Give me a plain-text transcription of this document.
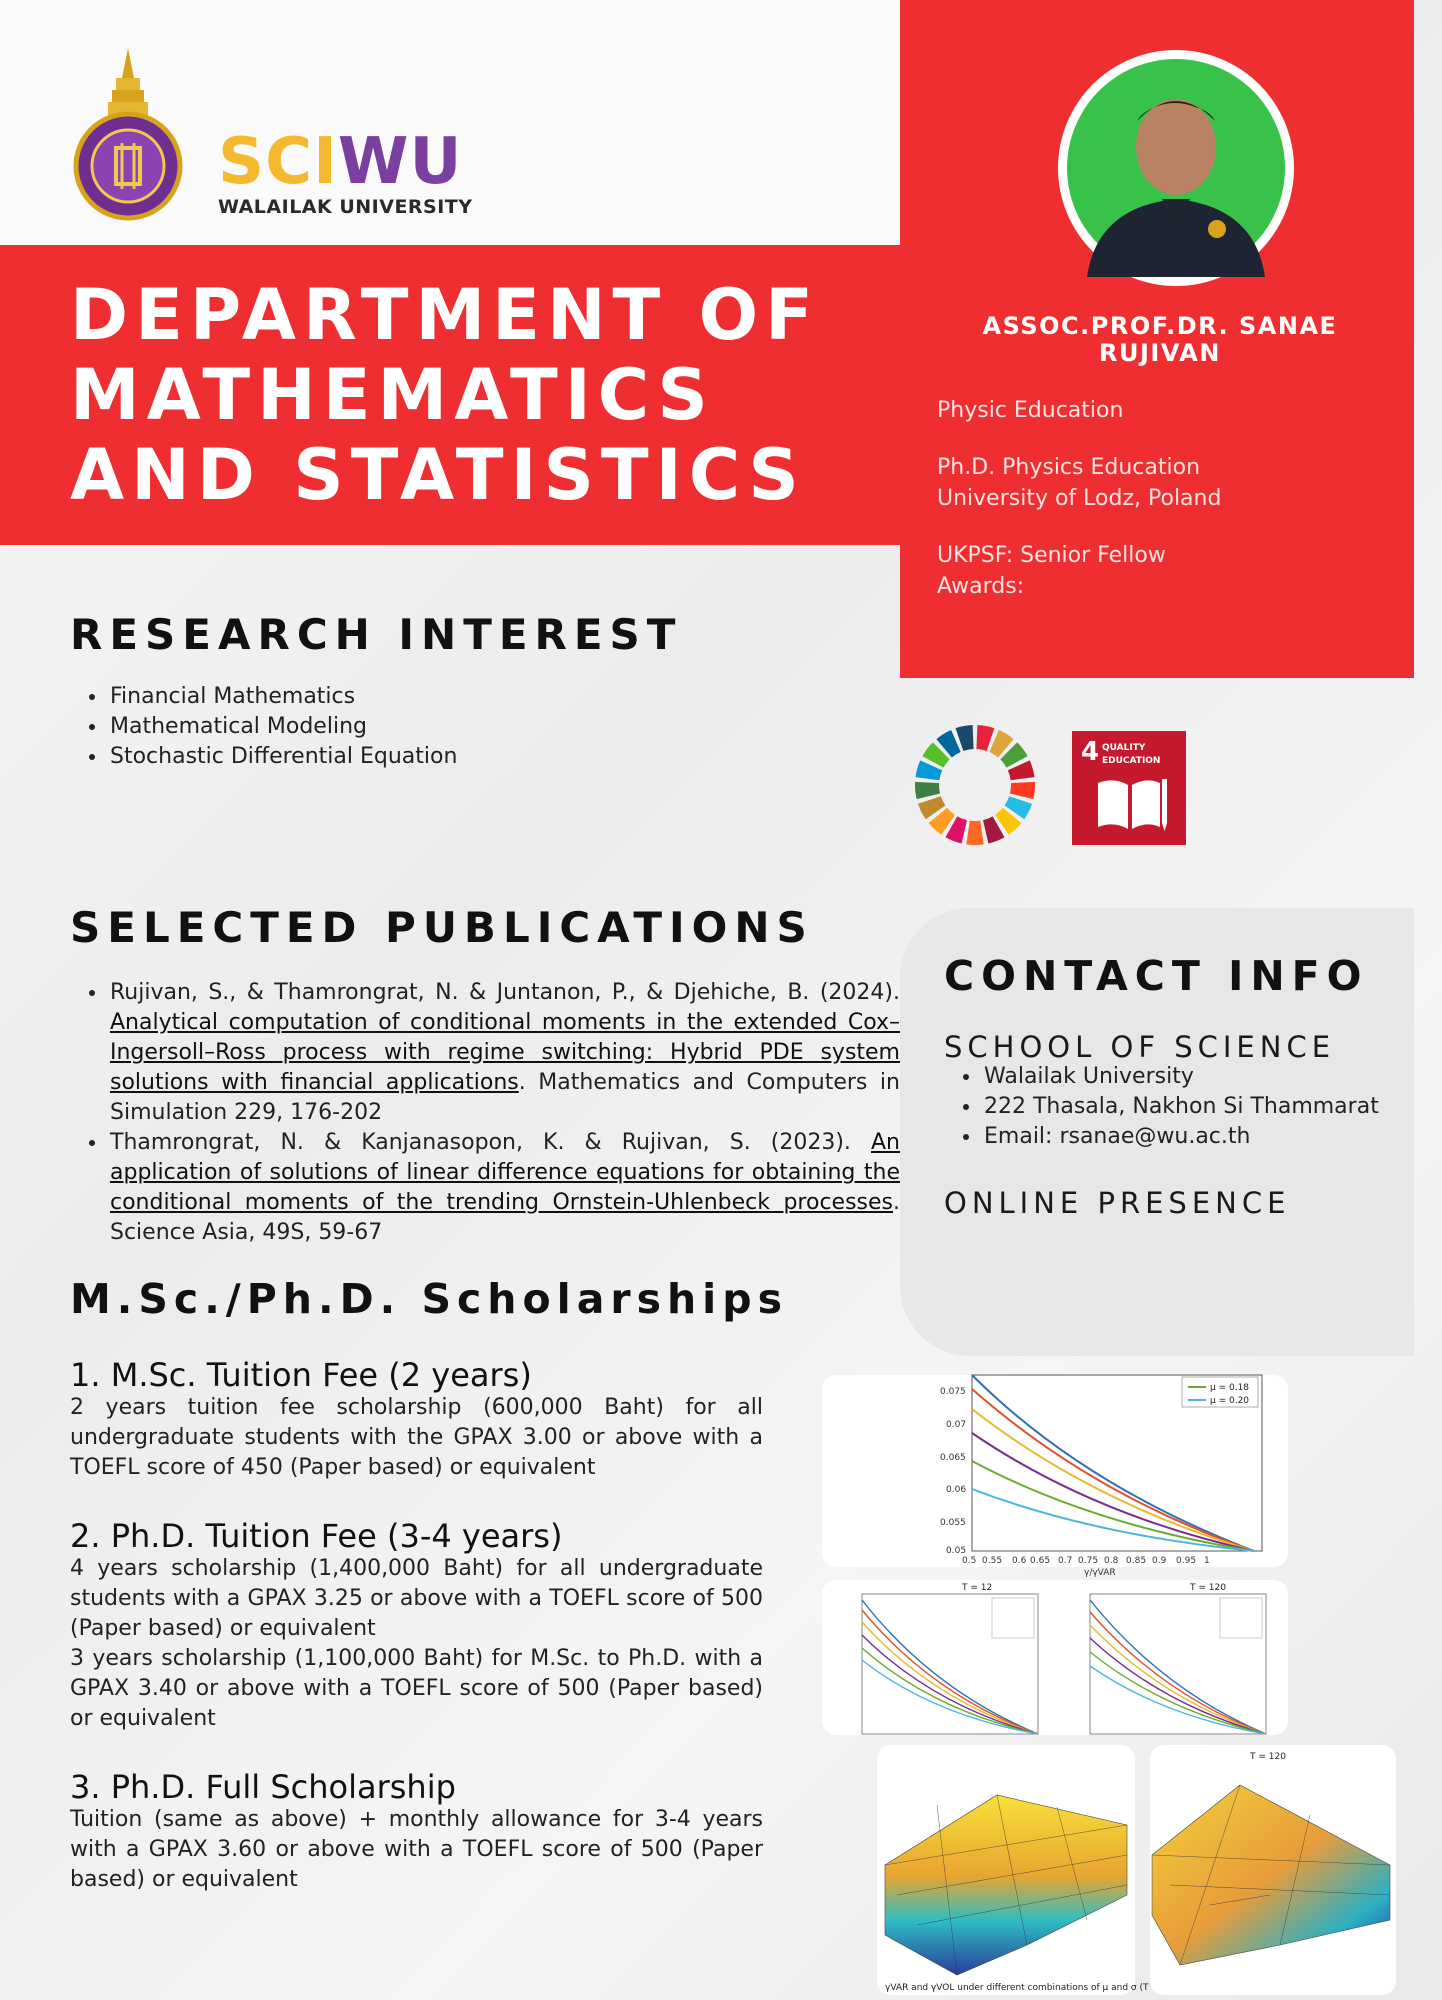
SCIWU
WALAILAK UNIVERSITY
DEPARTMENT OF
MATHEMATICS
AND STATISTICS
ASSOC.PROF.DR. SANAE RUJIVAN

Physic Education

Ph.D. Physics Education
University of Lodz, Poland

UKPSF: Senior Fellow
Awards:

4 QUALITY
EDUCATION
RESEARCH INTEREST
• Financial Mathematics
• Mathematical Modeling
• Stochastic Differential Equation
SELECTED PUBLICATIONS
• Rujivan, S., & Thamrongrat, N. & Juntanon, P., & Djehiche, B. (2024). Analytical computation of conditional moments in the extended Cox–Ingersoll–Ross process with regime switching: Hybrid PDE system solutions with financial applications. Mathematics and Computers in Simulation 229, 176-202
• Thamrongrat, N. & Kanjanasopon, K. & Rujivan, S. (2023). An application of solutions of linear difference equations for obtaining the conditional moments of the trending Ornstein-Uhlenbeck processes. Science Asia, 49S, 59-67
M.Sc./Ph.D. Scholarships
1. M.Sc. Tuition Fee (2 years)

2 years tuition fee scholarship (600,000 Baht) for all undergraduate students with the GPAX 3.00 or above with a TOEFL score of 450 (Paper based) or equivalent

2. Ph.D. Tuition Fee (3-4 years)

4 years scholarship (1,400,000 Baht) for all undergraduate students with a GPAX 3.25 or above with a TOEFL score of 500 (Paper based) or equivalent

3 years scholarship (1,100,000 Baht) for M.Sc. to Ph.D. with a GPAX 3.40 or above with a TOEFL score of 500 (Paper based) or equivalent

3. Ph.D. Full Scholarship

Tuition (same as above) + monthly allowance for 3-4 years with a GPAX 3.60 or above with a TOEFL score of 500 (Paper based) or equivalent

CONTACT INFO
SCHOOL OF SCIENCE
• Walailak University
• 222 Thasala, Nakhon Si Thammarat
• Email: rsanae@wu.ac.th
ONLINE PRESENCE
0.075
0.07
0.065
0.06
0.055
0.05
0.5 0.55 0.6 0.65 0.7 0.75 0.8 0.85 0.9 0.95 1
γ/γVAR
μ = 0.18
μ = 0.20
T = 12	T = 120
γVAR and γVOL under different combinations of μ and σ (T
T = 120
